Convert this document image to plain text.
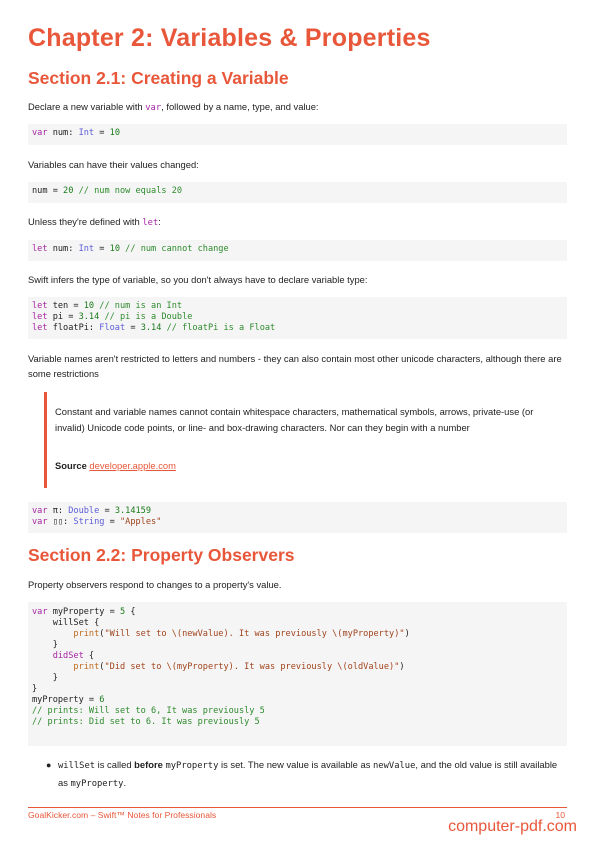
Chapter 2: Variables & Properties
Section 2.1: Creating a Variable
Declare a new variable with var, followed by a name, type, and value:
var num: Int = 10
Variables can have their values changed:
num = 20 // num now equals 20
Unless they're defined with let:
let num: Int = 10 // num cannot change
Swift infers the type of variable, so you don't always have to declare variable type:
let ten = 10 // num is an Int
let pi = 3.14 // pi is a Double
let floatPi: Float = 3.14 // floatPi is a Float
Variable names aren't restricted to letters and numbers - they can also contain most other unicode characters, although there are some restrictions
Constant and variable names cannot contain whitespace characters, mathematical symbols, arrows, private-use (or invalid) Unicode code points, or line- and box-drawing characters. Nor can they begin with a number
Source developer.apple.com
var π: Double = 3.14159
var ▯▯: String = "Apples"
Section 2.2: Property Observers
Property observers respond to changes to a property's value.
var myProperty = 5 {
willSet {
print("Will set to \(newValue). It was previously \(myProperty)")
}
didSet {
print("Did set to \(myProperty). It was previously \(oldValue)")
}
}
myProperty = 6
// prints: Will set to 6, It was previously 5
// prints: Did set to 6. It was previously 5
● willSet is called before myProperty is set. The new value is available as newValue, and the old value is still available as myProperty.
GoalKicker.com – Swift™ Notes for Professionals	10
computer-pdf.com
